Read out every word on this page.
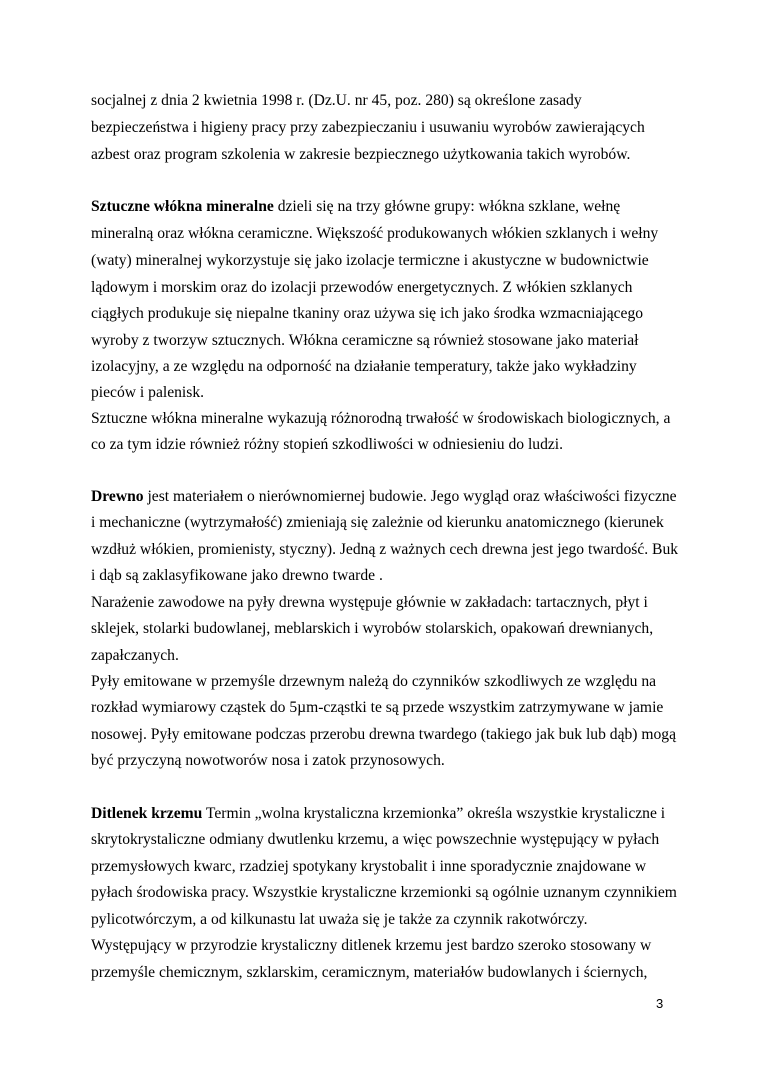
socjalnej z dnia 2 kwietnia 1998 r. (Dz.U. nr 45, poz. 280) są określone zasady
bezpieczeństwa i higieny pracy przy zabezpieczaniu i usuwaniu wyrobów zawierających
azbest oraz program szkolenia w zakresie bezpiecznego użytkowania takich wyrobów.
Sztuczne włókna mineralne dzieli się na trzy główne grupy: włókna szklane, wełnę
mineralną oraz włókna ceramiczne. Większość produkowanych włókien szklanych i wełny
(waty) mineralnej wykorzystuje się jako izolacje termiczne i akustyczne w budownictwie
lądowym i morskim oraz do izolacji przewodów energetycznych. Z włókien szklanych
ciągłych produkuje się niepalne tkaniny oraz używa się ich jako środka wzmacniającego
wyroby z tworzyw sztucznych. Włókna ceramiczne są również stosowane jako materiał
izolacyjny, a ze względu na odporność na działanie temperatury, także jako wykładziny
pieców i palenisk.
Sztuczne włókna mineralne wykazują różnorodną trwałość w środowiskach biologicznych, a
co za tym idzie również różny stopień szkodliwości w odniesieniu do ludzi.
Drewno jest materiałem o nierównomiernej budowie. Jego wygląd oraz właściwości fizyczne
i mechaniczne (wytrzymałość) zmieniają się zależnie od kierunku anatomicznego (kierunek
wzdłuż włókien, promienisty, styczny). Jedną z ważnych cech drewna jest jego twardość. Buk
i dąb są zaklasyfikowane jako drewno twarde .
Narażenie zawodowe na pyły drewna występuje głównie w zakładach: tartacznych, płyt i
sklejek, stolarki budowlanej, meblarskich i wyrobów stolarskich, opakowań drewnianych,
zapałczanych.
Pyły emitowane w przemyśle drzewnym należą do czynników szkodliwych ze względu na
rozkład wymiarowy cząstek do 5µm-cząstki te są przede wszystkim zatrzymywane w jamie
nosowej. Pyły emitowane podczas przerobu drewna twardego (takiego jak buk lub dąb) mogą
być przyczyną nowotworów nosa i zatok przynosowych.
Ditlenek krzemu Termin „wolna krystaliczna krzemionka” określa wszystkie krystaliczne i
skrytokrystaliczne odmiany dwutlenku krzemu, a więc powszechnie występujący w pyłach
przemysłowych kwarc, rzadziej spotykany krystobalit i inne sporadycznie znajdowane w
pyłach środowiska pracy. Wszystkie krystaliczne krzemionki są ogólnie uznanym czynnikiem
pylicotwórczym, a od kilkunastu lat uważa się je także za czynnik rakotwórczy.
Występujący w przyrodzie krystaliczny ditlenek krzemu jest bardzo szeroko stosowany w
przemyśle chemicznym, szklarskim, ceramicznym, materiałów budowlanych i ściernych,
3
